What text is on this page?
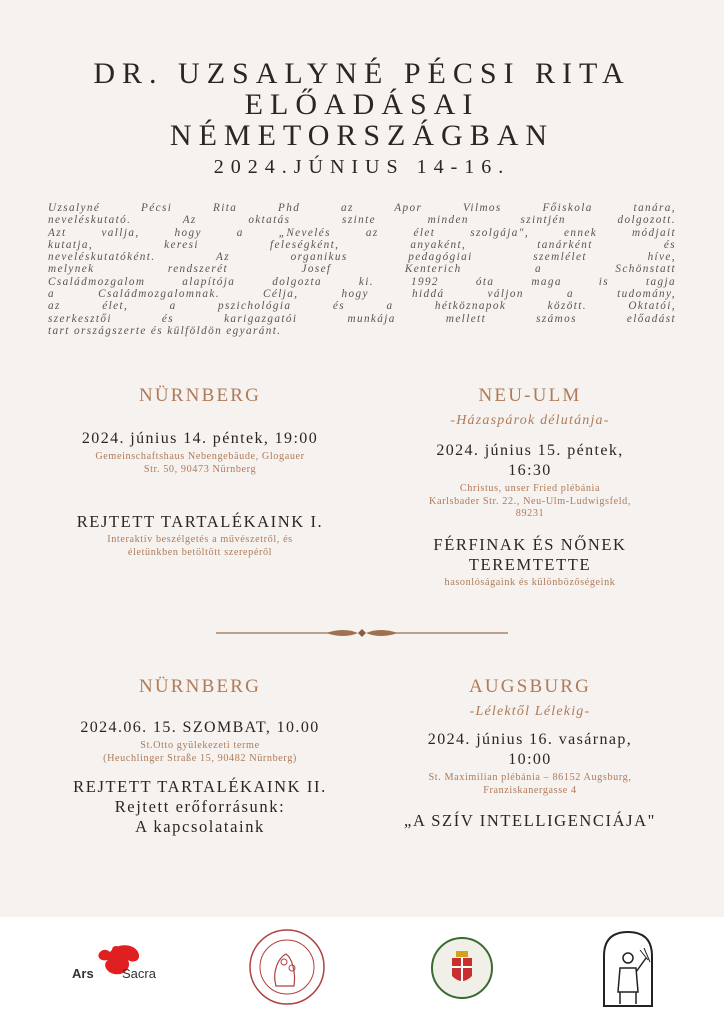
DR. UZSALYNÉ PÉCSI RITA
ELŐADÁSAI
NÉMETORSZÁGBAN
2024.JÚNIUS 14-16.
Uzsalyné Pécsi Rita Phd az Apor Vilmos Főiskola tanára,
neveléskutató. Az oktatás szinte minden szintjén dolgozott.
Azt vallja, hogy a „Nevelés az élet szolgája", ennek módjait
kutatja, keresi feleségként, anyaként, tanárként és
neveléskutatóként. Az organikus pedagógiai szemlélet híve,
melynek rendszerét Josef Kenterich a Schönstatt
Családmozgalom alapítója dolgozta ki. 1992 óta maga is tagja
a Családmozgalomnak. Célja, hogy hiddá váljon a tudomány,
az élet, a pszichológia és a hétköznapok között. Oktatói,
szerkesztői és karigazgatói munkája mellett számos előadást
tart országszerte és külföldön egyaránt.
NÜRNBERG
2024. június 14. péntek, 19:00
Gemeinschaftshaus Nebengebäude, Glogauer
Str. 50, 90473 Nürnberg
REJTETT TARTALÉKAINK I.
Interaktív beszélgetés a művészetről, és
életünkben betöltött szerepéről
NEU-ULM
-Házaspárok délutánja-
2024. június 15. péntek,
16:30
Christus, unser Fried plébánia
Karlsbader Str. 22., Neu-Ulm-Ludwigsfeld,
89231
FÉRFINAK ÉS NŐNEK
TEREMTETTE
hasonlóságaink és különbözőségeink
NÜRNBERG
2024.06. 15. SZOMBAT, 10.00
St.Otto gyülekezeti terme
(Heuchlinger Straße 15, 90482 Nürnberg)
REJTETT TARTALÉKAINK II.
Rejtett erőforrásunk:
A kapcsolataink
AUGSBURG
-Lélektől Lélekig-
2024. június 16. vasárnap,
10:00
St. Maximilian plébánia – 86152 Augsburg,
Franziskanergasse 4
„A SZÍV INTELLIGENCIÁJA"
Ars Sacra
